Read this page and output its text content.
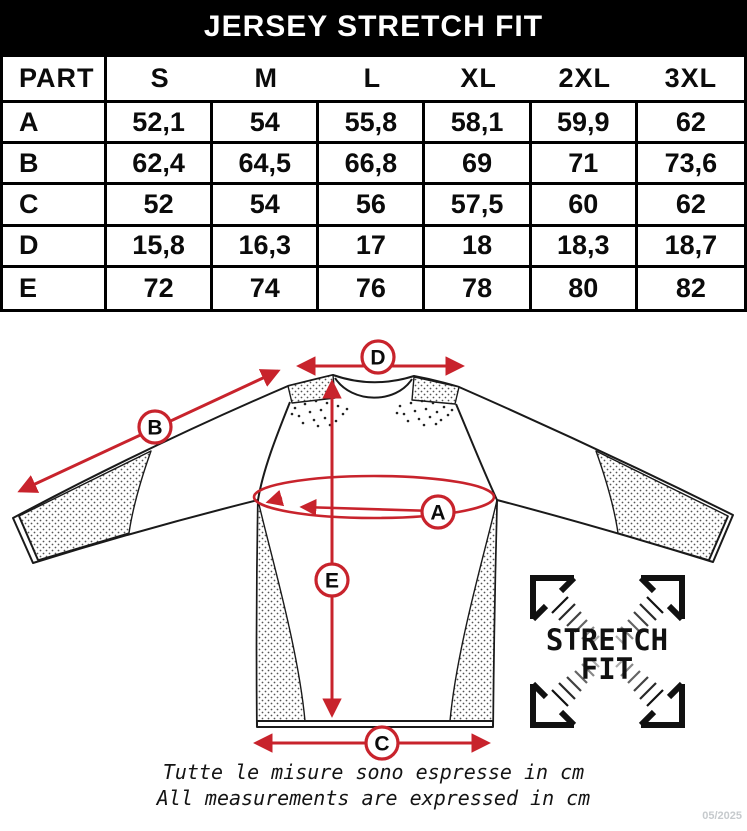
JERSEY STRETCH FIT
PART	S	M	L	XL	2XL	3XL
A	52,1	54	55,8	58,1	59,9	62
B	62,4	64,5	66,8	69	71	73,6
C	52	54	56	57,5	60	62
D	15,8	16,3	17	18	18,3	18,7
E	72	74	76	78	80	82
D
B
A
E
C
STRETCH
FIT
Tutte le misure sono espresse in cm
All measurements are expressed in cm
05/2025
